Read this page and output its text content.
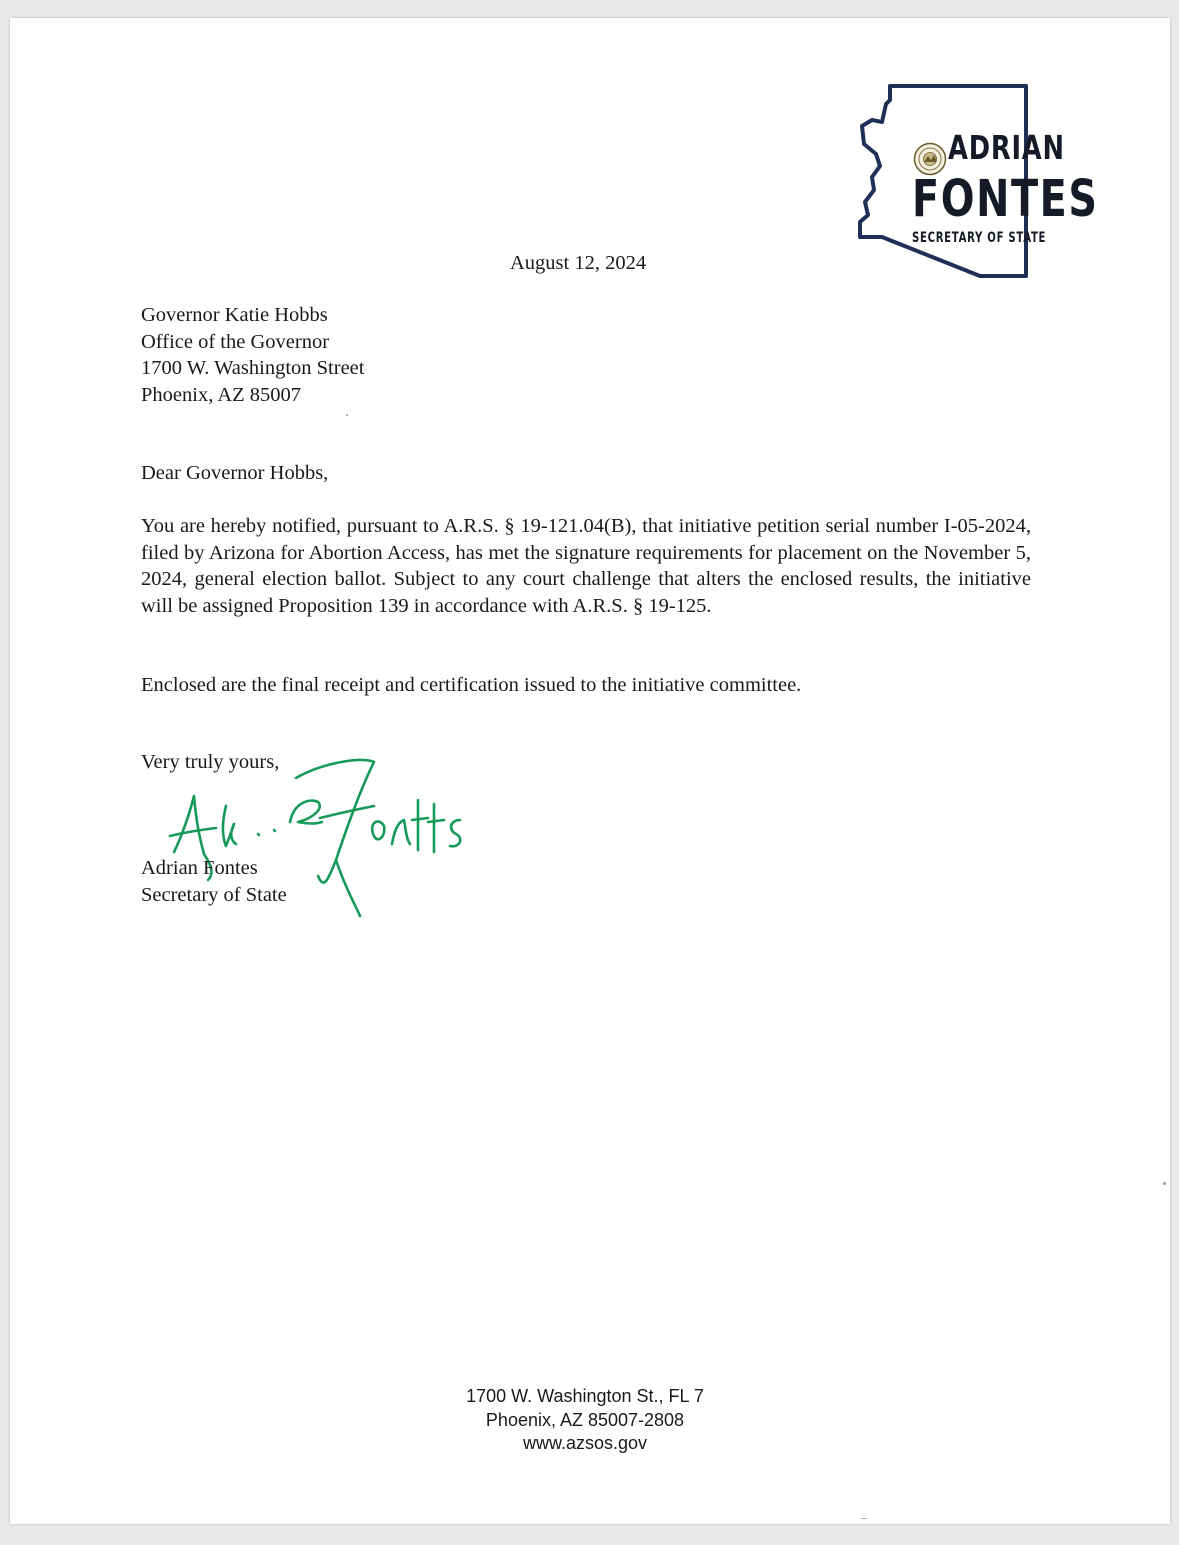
ADRIAN
FONTES
SECRETARY OF STATE
August 12, 2024
Governor Katie Hobbs
Office of the Governor
1700 W. Washington Street
Phoenix, AZ 85007
Dear Governor Hobbs,
You are hereby notified, pursuant to A.R.S. § 19-121.04(B), that initiative petition serial number I-05-2024, filed by Arizona for Abortion Access, has met the signature requirements for placement on the November 5, 2024, general election ballot. Subject to any court challenge that alters the enclosed results, the initiative will be assigned Proposition 139 in accordance with A.R.S. § 19-125.
Enclosed are the final receipt and certification issued to the initiative committee.
Very truly yours,
Adrian Fontes
Secretary of State
1700 W. Washington St., FL 7
Phoenix, AZ 85007-2808
www.azsos.gov
